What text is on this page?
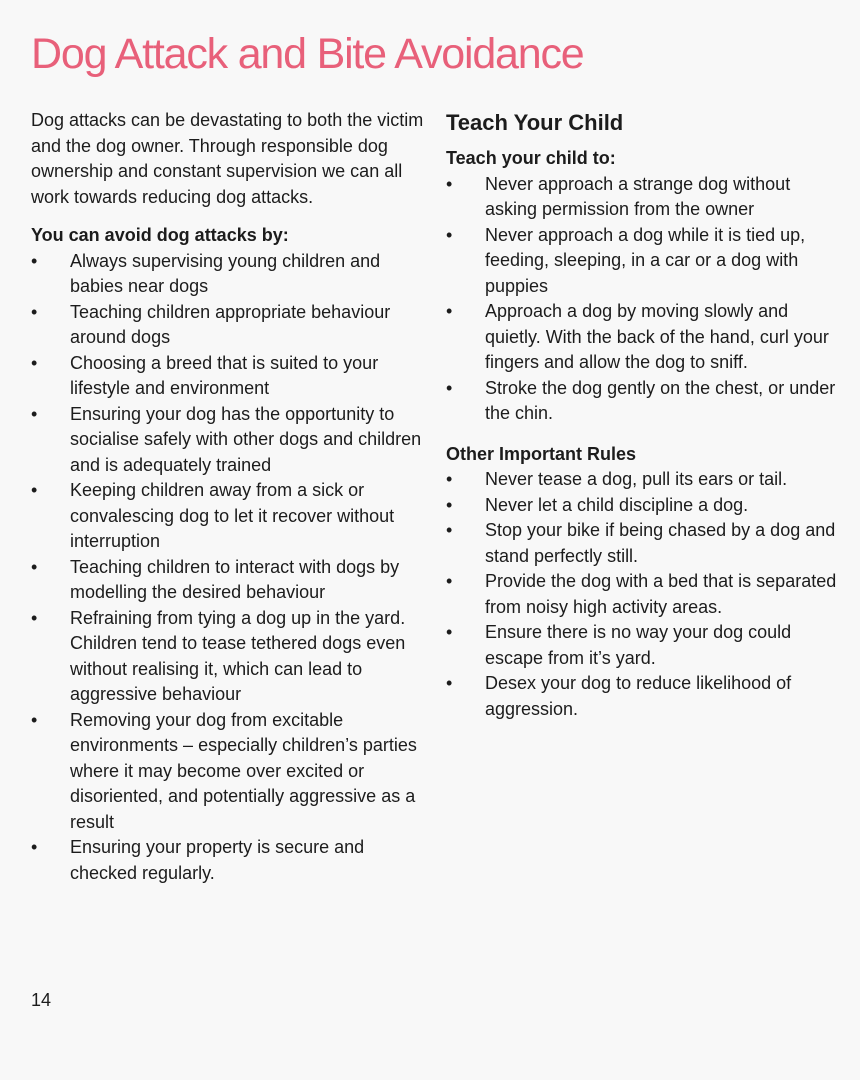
Dog Attack and Bite Avoidance

Dog attacks can be devastating to both the victim and the dog owner. Through responsible dog ownership and constant supervision we can all work towards reducing dog attacks.

You can avoid dog attacks by:
•	Always supervising young children and babies near dogs
•	Teaching children appropriate behaviour around dogs
•	Choosing a breed that is suited to your lifestyle and environment
•	Ensuring your dog has the opportunity to socialise safely with other dogs and children and is adequately trained
•	Keeping children away from a sick or convalescing dog to let it recover without interruption
•	Teaching children to interact with dogs by modelling the desired behaviour
•	Refraining from tying a dog up in the yard. Children tend to tease tethered dogs even without realising it, which can lead to aggressive behaviour
•	Removing your dog from excitable environments – especially children’s parties where it may become over excited or disoriented, and potentially aggressive as a result
•	Ensuring your property is secure and checked regularly.
Teach Your Child
Teach your child to:
•	Never approach a strange dog without asking permission from the owner
•	Never approach a dog while it is tied up, feeding, sleeping, in a car or a dog with puppies
•	Approach a dog by moving slowly and quietly. With the back of the hand, curl your fingers and allow the dog to sniff.
•	Stroke the dog gently on the chest, or under the chin.
Other Important Rules
•	Never tease a dog, pull its ears or tail.
•	Never let a child discipline a dog.
•	Stop your bike if being chased by a dog and stand perfectly still.
•	Provide the dog with a bed that is separated from noisy high activity areas.
•	Ensure there is no way your dog could escape from it’s yard.
•	Desex your dog to reduce likelihood of aggression.
14
